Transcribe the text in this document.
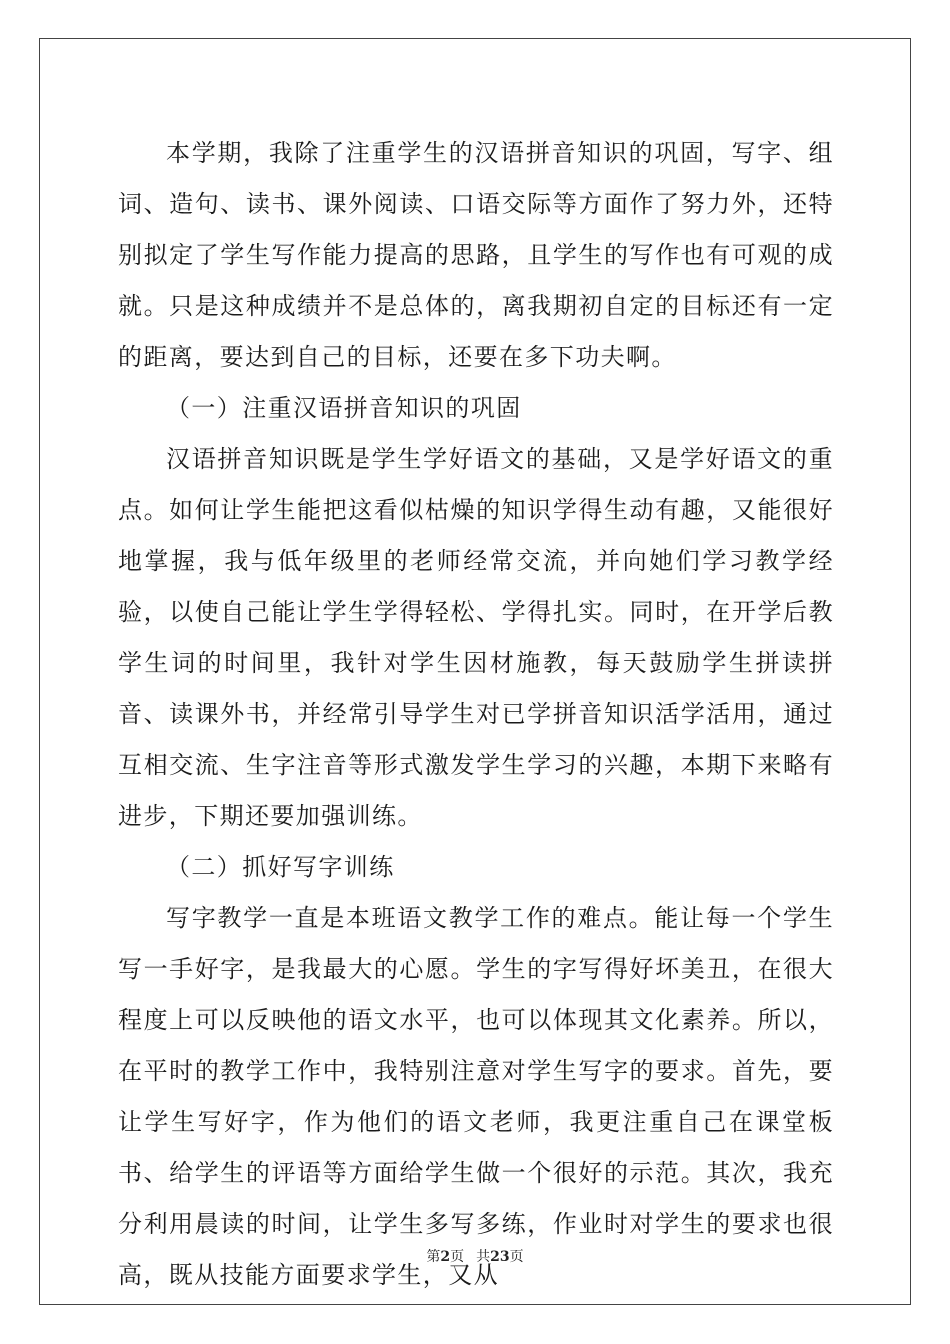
本学期，我除了注重学生的汉语拼音知识的巩固，写字、组词、造句、读书、课外阅读、口语交际等方面作了努力外，还特别拟定了学生写作能力提高的思路，且学生的写作也有可观的成就。只是这种成绩并不是总体的，离我期初自定的目标还有一定的距离，要达到自己的目标，还要在多下功夫啊。

（一）注重汉语拼音知识的巩固

汉语拼音知识既是学生学好语文的基础，又是学好语文的重点。如何让学生能把这看似枯燥的知识学得生动有趣，又能很好地掌握，我与低年级里的老师经常交流，并向她们学习教学经验，以使自己能让学生学得轻松、学得扎实。同时，在开学后教学生词的时间里，我针对学生因材施教，每天鼓励学生拼读拼音、读课外书，并经常引导学生对已学拼音知识活学活用，通过互相交流、生字注音等形式激发学生学习的兴趣，本期下来略有进步，下期还要加强训练。

（二）抓好写字训练

写字教学一直是本班语文教学工作的难点。能让每一个学生写一手好字，是我最大的心愿。学生的字写得好坏美丑，在很大程度上可以反映他的语文水平，也可以体现其文化素养。所以，在平时的教学工作中，我特别注意对学生写字的要求。首先，要让学生写好字，作为他们的语文老师，我更注重自己在课堂板书、给学生的评语等方面给学生做一个很好的示范。其次，我充分利用晨读的时间，让学生多写多练，作业时对学生的要求也很高，既从技能方面要求学生，又从

第2页 共23页
